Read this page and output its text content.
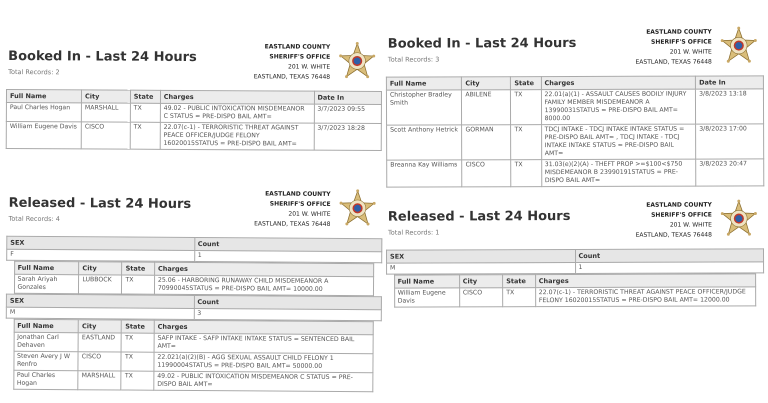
Booked In - Last 24 Hours
Total Records: 2
EASTLAND COUNTY SHERIFF'S OFFICE
201 W. WHITE
EASTLAND, TEXAS 76448
Full Name	City	State	Charges	Date In
Paul Charles Hogan	MARSHALL	TX	49.02 - PUBLIC INTOXICATION MISDEMEANOR C STATUS = PRE-DISPO BAIL AMT=	3/7/2023 09:55
William Eugene Davis	CISCO	TX	22.07(c-1) - TERRORISTIC THREAT AGAINST PEACE OFFICER/JUDGE FELONY 16020015STATUS = PRE-DISPO BAIL AMT=	3/7/2023 18:28
Released - Last 24 Hours
Total Records: 4
EASTLAND COUNTY SHERIFF'S OFFICE
201 W. WHITE
EASTLAND, TEXAS 76448
SEX	Count
F	1
Full Name	City	State	Charges
Sarah Ariyah Gonzales	LUBBOCK	TX	25.06 - HARBORING RUNAWAY CHILD MISDEMEANOR A 70990045STATUS = PRE-DISPO BAIL AMT= 10000.00
SEX	Count
M	3
Full Name	City	State	Charges
Jonathan Carl Dehaven	EASTLAND	TX	SAFP INTAKE - SAFP INTAKE INTAKE STATUS = SENTENCED BAIL AMT=
Steven Avery J W Renfro	CISCO	TX	22.021(a)(2)(B) - AGG SEXUAL ASSAULT CHILD FELONY 1 11990004STATUS = PRE-DISPO BAIL AMT= 50000.00
Paul Charles Hogan	MARSHALL	TX	49.02 - PUBLIC INTOXICATION MISDEMEANOR C STATUS = PRE-DISPO BAIL AMT=
Booked In - Last 24 Hours
Total Records: 3
EASTLAND COUNTY SHERIFF'S OFFICE
201 W. WHITE
EASTLAND, TEXAS 76448
Full Name	City	State	Charges	Date In
Christopher Bradley Smith	ABILENE	TX	22.01(a)(1) - ASSAULT CAUSES BODILY INJURY FAMILY MEMBER MISDEMEANOR A 13990031STATUS = PRE-DISPO BAIL AMT= 8000.00	3/8/2023 13:18
Scott Anthony Hetrick	GORMAN	TX	TDCJ INTAKE - TDCJ INTAKE INTAKE STATUS = PRE-DISPO BAIL AMT= , TDCJ INTAKE - TDCJ INTAKE INTAKE STATUS = PRE-DISPO BAIL AMT=	3/8/2023 17:00
Breanna Kay Williams	CISCO	TX	31.03(e)(2)(A) - THEFT PROP >=$100<$750 MISDEMEANOR B 23990191STATUS = PRE-DISPO BAIL AMT=	3/8/2023 20:47
Released - Last 24 Hours
Total Records: 1
EASTLAND COUNTY SHERIFF'S OFFICE
201 W. WHITE
EASTLAND, TEXAS 76448
SEX	Count
M	1
Full Name	City	State	Charges
William Eugene Davis	CISCO	TX	22.07(c-1) - TERRORISTIC THREAT AGAINST PEACE OFFICER/JUDGE FELONY 16020015STATUS = PRE-DISPO BAIL AMT= 12000.00
